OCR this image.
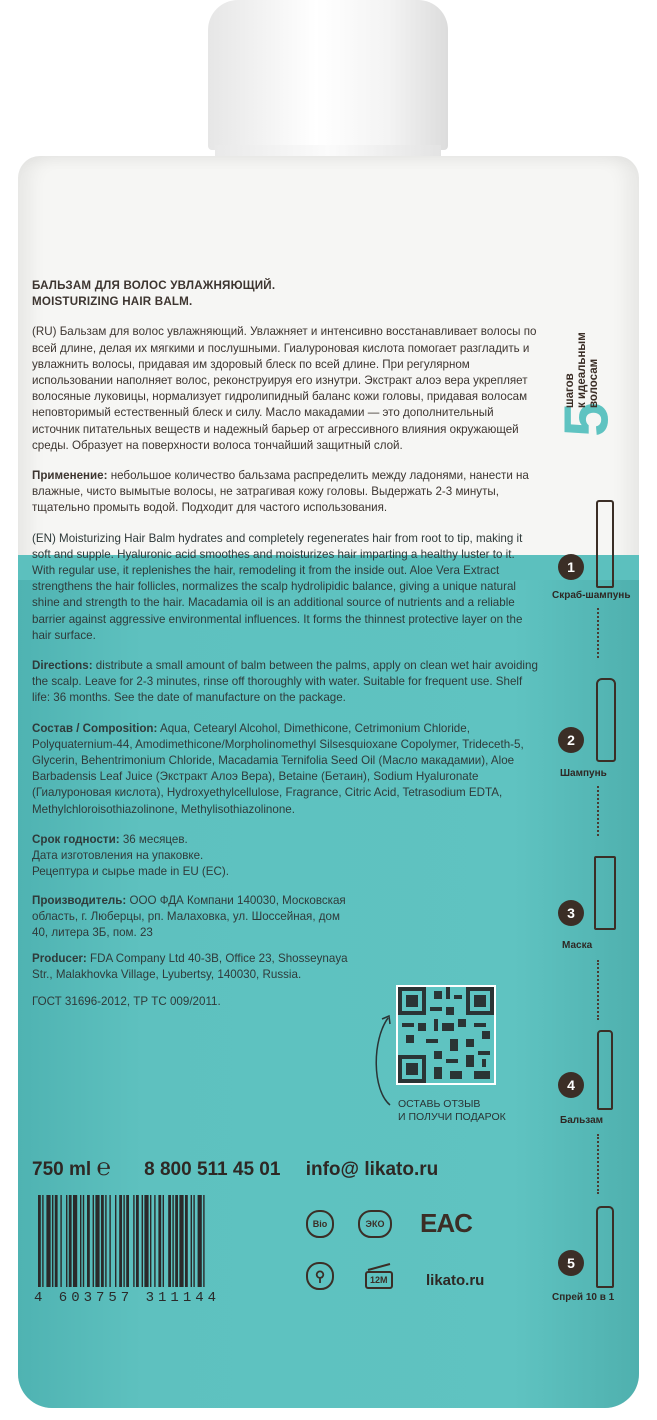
БАЛЬЗАМ ДЛЯ ВОЛОС УВЛАЖНЯЮЩИЙ.
MOISTURIZING HAIR BALM.

(RU) Бальзам для волос увлажняющий. Увлажняет и интенсивно восстанавливает волосы по всей длине, делая их мягкими и послушными. Гиалуроновая кислота помогает разгладить и увлажнить волосы, придавая им здоровый блеск по всей длине. При регулярном использовании наполняет волос, реконструируя его изнутри. Экстракт алоэ вера укрепляет волосяные луковицы, нормализует гидролипидный баланс кожи головы, придавая волосам неповторимый естественный блеск и силу. Масло макадамии — это дополнительный источник питательных веществ и надежный барьер от агрессивного влияния окружающей среды. Образует на поверхности волоса тончайший защитный слой.

Применение: небольшое количество бальзама распределить между ладонями, нанести на влажные, чисто вымытые волосы, не затрагивая кожу головы. Выдержать 2-3 минуты, тщательно промыть водой. Подходит для частого использования.

(EN) Moisturizing Hair Balm hydrates and completely regenerates hair from root to tip, making it soft and supple. Hyaluronic acid smoothes and moisturizes hair imparting a healthy luster to it. With regular use, it replenishes the hair, remodeling it from the inside out. Aloe Vera Extract strengthens the hair follicles, normalizes the scalp hydrolipidic balance, giving a unique natural shine and strength to the hair. Macadamia oil is an additional source of nutrients and a reliable barrier against aggressive environmental influences. It forms the thinnest protective layer on the hair surface.

Directions: distribute a small amount of balm between the palms, apply on clean wet hair avoiding the scalp. Leave for 2-3 minutes, rinse off thoroughly with water. Suitable for frequent use. Shelf life: 36 months. See the date of manufacture on the package.

Состав / Composition: Aqua, Cetearyl Alcohol, Dimethicone, Cetrimonium Chloride, Polyquaternium-44, Amodimethicone/Morpholinomethyl Silsesquioxane Copolymer, Trideceth-5, Glycerin, Behentrimonium Chloride, Macadamia Ternifolia Seed Oil (Масло макадамии), Aloe Barbadensis Leaf Juice (Экстракт Алоэ Вера), Betaine (Бетаин), Sodium Hyaluronate (Гиалуроновая кислота), Hydroxyethylcellulose, Fragrance, Citric Acid, Tetrasodium EDTA, Methylchloroisothiazolinone, Methylisothiazolinone.

Срок годности: 36 месяцев.
Дата изготовления на упаковке.
Рецептура и сырье made in EU (EC).
Производитель: ООО ФДА Компани 140030, Московская область, г. Люберцы, рп. Малаховка, ул. Шоссейная, дом 40, литера 3Б, пом. 23
Producer: FDA Company Ltd 40-3B, Office 23, Shosseynaya Str., Malakhovka Village, Lyubertsy, 140030, Russia.
ГОСТ 31696-2012, ТР ТС 009/2011.
ОСТАВЬ ОТЗЫВ
И ПОЛУЧИ ПОДАРОК
750 ml ℮ 8 800 511 45 01 info@ likato.ru
4 603757 311144
Bio	ЭКО EAC
⚲	12M	likato.ru
5
шагов к идеальным волосам
1
Скраб-шампунь
2
Шампунь
3
Маска
4
Бальзам
5
Спрей 10 в 1
